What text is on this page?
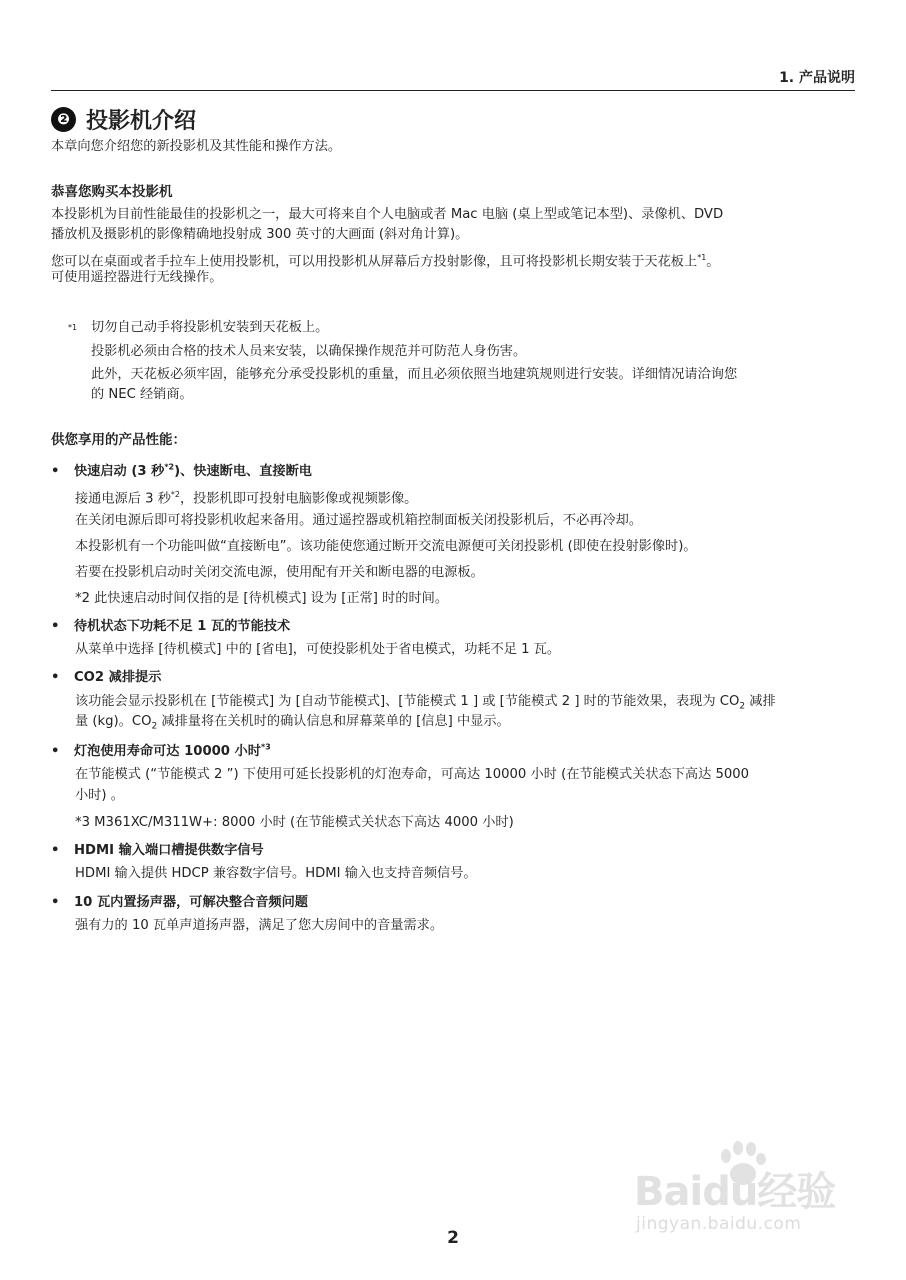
1. 产品说明
❷ 投影机介绍
本章向您介绍您的新投影机及其性能和操作方法。
恭喜您购买本投影机
本投影机为目前性能最佳的投影机之一，最大可将来自个人电脑或者 Mac 电脑 (桌上型或笔记本型)、录像机、DVD
播放机及摄影机的影像精确地投射成 300 英寸的大画面 (斜对角计算)。
您可以在桌面或者手拉车上使用投影机，可以用投影机从屏幕后方投射影像，且可将投影机长期安装于天花板上$^{*1}$。
可使用遥控器进行无线操作。
$^{*1}$ 切勿自己动手将投影机安装到天花板上。
投影机必须由合格的技术人员来安装，以确保操作规范并可防范人身伤害。
此外，天花板必须牢固，能够充分承受投影机的重量，而且必须依照当地建筑规则进行安装。详细情况请洽询您
的 NEC 经销商。
供您享用的产品性能：
• 快速启动 (3 秒$^{*2}$)、快速断电、直接断电
接通电源后 3 秒$^{*2}$，投影机即可投射电脑影像或视频影像。
在关闭电源后即可将投影机收起来备用。通过遥控器或机箱控制面板关闭投影机后，不必再冷却。
本投影机有一个功能叫做“直接断电”。该功能使您通过断开交流电源便可关闭投影机 (即使在投射影像时)。
若要在投影机启动时关闭交流电源，使用配有开关和断电器的电源板。
*2 此快速启动时间仅指的是 [待机模式] 设为 [正常] 时的时间。
• 待机状态下功耗不足 1 瓦的节能技术
从菜单中选择 [待机模式] 中的 [省电]，可使投影机处于省电模式，功耗不足 1 瓦。
• CO2 减排提示
该功能会显示投影机在 [节能模式] 为 [自动节能模式]、[节能模式 1 ] 或 [节能模式 2 ] 时的节能效果，表现为 $CO_2$ 减排
量 (kg)。$CO_2$ 减排量将在关机时的确认信息和屏幕菜单的 [信息] 中显示。
• 灯泡使用寿命可达 10000 小时$^{*3}$
在节能模式 (“节能模式 2 ”) 下使用可延长投影机的灯泡寿命，可高达 10000 小时 (在节能模式关状态下高达 5000
小时) 。
*3 M361XC/M311W+: 8000 小时 (在节能模式关状态下高达 4000 小时)
• HDMI 输入端口槽提供数字信号
HDMI 输入提供 HDCP 兼容数字信号。HDMI 输入也支持音频信号。
• 10 瓦内置扬声器，可解决整合音频问题
强有力的 10 瓦单声道扬声器，满足了您大房间中的音量需求。
Baidu经验
jingyan.baidu.com
2
